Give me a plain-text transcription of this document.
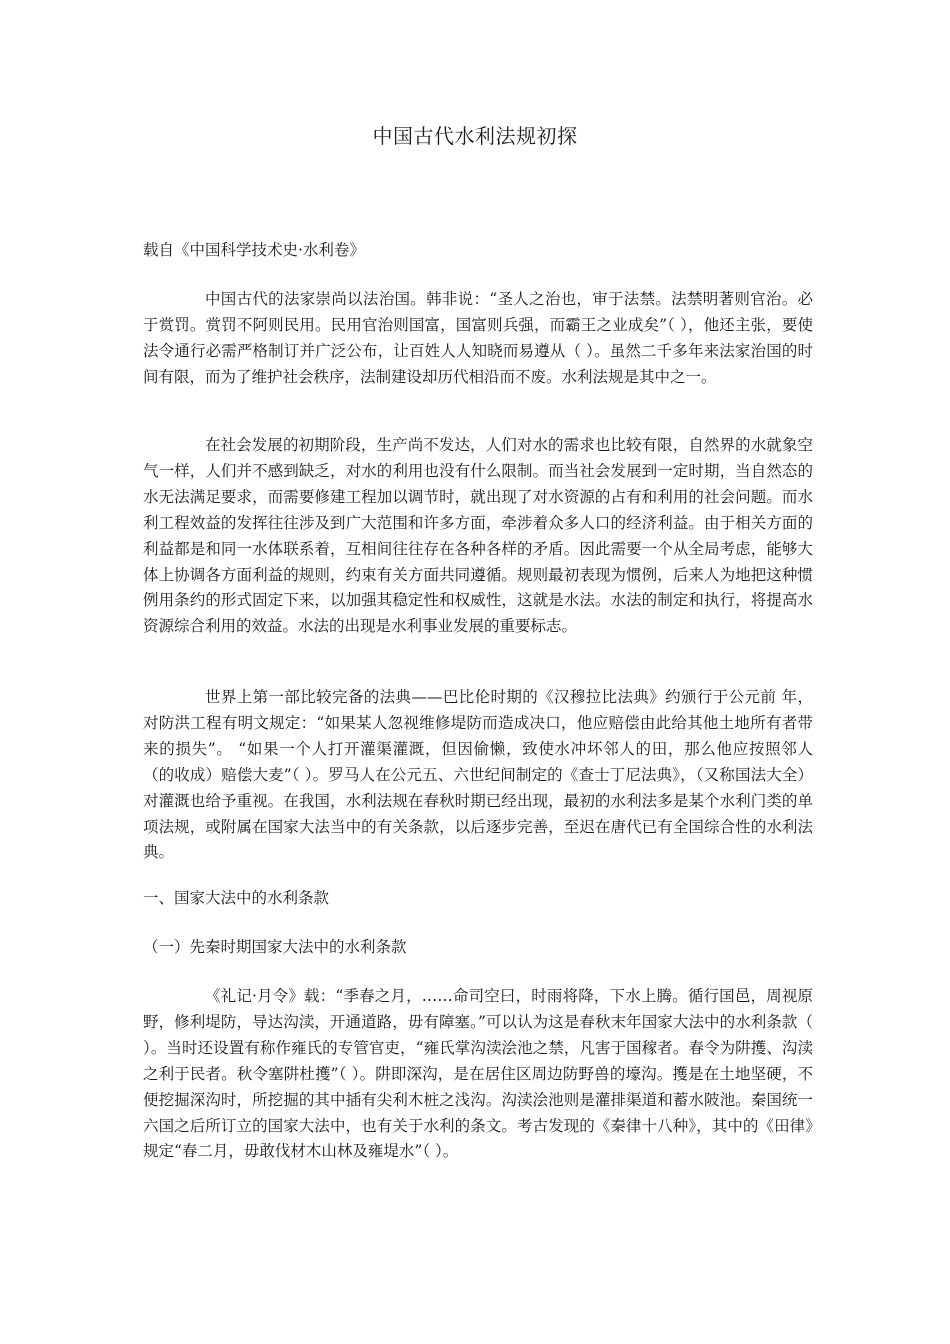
中国古代水利法规初探
载自《中国科学技术史·水利卷》

中国古代的法家崇尚以法治国。韩非说：“圣人之治也，审于法禁。法禁明著则官治。必于赏罚。赏罚不阿则民用。民用官治则国富，国富则兵强，而霸王之业成矣”（ ），他还主张，要使法令通行必需严格制订并广泛公布，让百姓人人知晓而易遵从（ ）。虽然二千多年来法家治国的时间有限，而为了维护社会秩序，法制建设却历代相沿而不废。水利法规是其中之一。

在社会发展的初期阶段，生产尚不发达，人们对水的需求也比较有限，自然界的水就象空气一样，人们并不感到缺乏，对水的利用也没有什么限制。而当社会发展到一定时期，当自然态的水无法满足要求，而需要修建工程加以调节时，就出现了对水资源的占有和利用的社会问题。而水利工程效益的发挥往往涉及到广大范围和许多方面，牵涉着众多人口的经济利益。由于相关方面的利益都是和同一水体联系着，互相间往往存在各种各样的矛盾。因此需要一个从全局考虑，能够大体上协调各方面利益的规则，约束有关方面共同遵循。规则最初表现为惯例，后来人为地把这种惯例用条约的形式固定下来，以加强其稳定性和权威性，这就是水法。水法的制定和执行，将提高水资源综合利用的效益。水法的出现是水利事业发展的重要标志。

世界上第一部比较完备的法典——巴比伦时期的《汉穆拉比法典》约颁行于公元前 年，对防洪工程有明文规定：“如果某人忽视维修堤防而造成决口，他应赔偿由此给其他土地所有者带来的损失”。 “如果一个人打开灌渠灌溉，但因偷懒，致使水冲坏邻人的田，那么他应按照邻人（的收成）赔偿大麦”（ ）。罗马人在公元五、六世纪间制定的《查士丁尼法典》，（又称国法大全）对灌溉也给予重视。在我国，水利法规在春秋时期已经出现，最初的水利法多是某个水利门类的单项法规，或附属在国家大法当中的有关条款，以后逐步完善，至迟在唐代已有全国综合性的水利法典。

一、国家大法中的水利条款

（一）先秦时期国家大法中的水利条款

《礼记·月令》载：“季春之月，……命司空曰，时雨将降，下水上腾。循行国邑，周视原野，修利堤防，导达沟渎，开通道路，毋有障塞。”可以认为这是春秋末年国家大法中的水利条款（ ）。当时还设置有称作雍氏的专管官吏，“雍氏掌沟渎浍池之禁，凡害于国稼者。春令为阱擭、沟渎之利于民者。秋令塞阱杜擭”（ ）。阱即深沟，是在居住区周边防野兽的壕沟。擭是在土地坚硬，不便挖掘深沟时，所挖掘的其中插有尖利木桩之浅沟。沟渎浍池则是灌排渠道和蓄水陂池。秦国统一六国之后所订立的国家大法中，也有关于水利的条文。考古发现的《秦律十八种》，其中的《田律》规定“春二月，毋敢伐材木山林及雍堤水”（ ）。
